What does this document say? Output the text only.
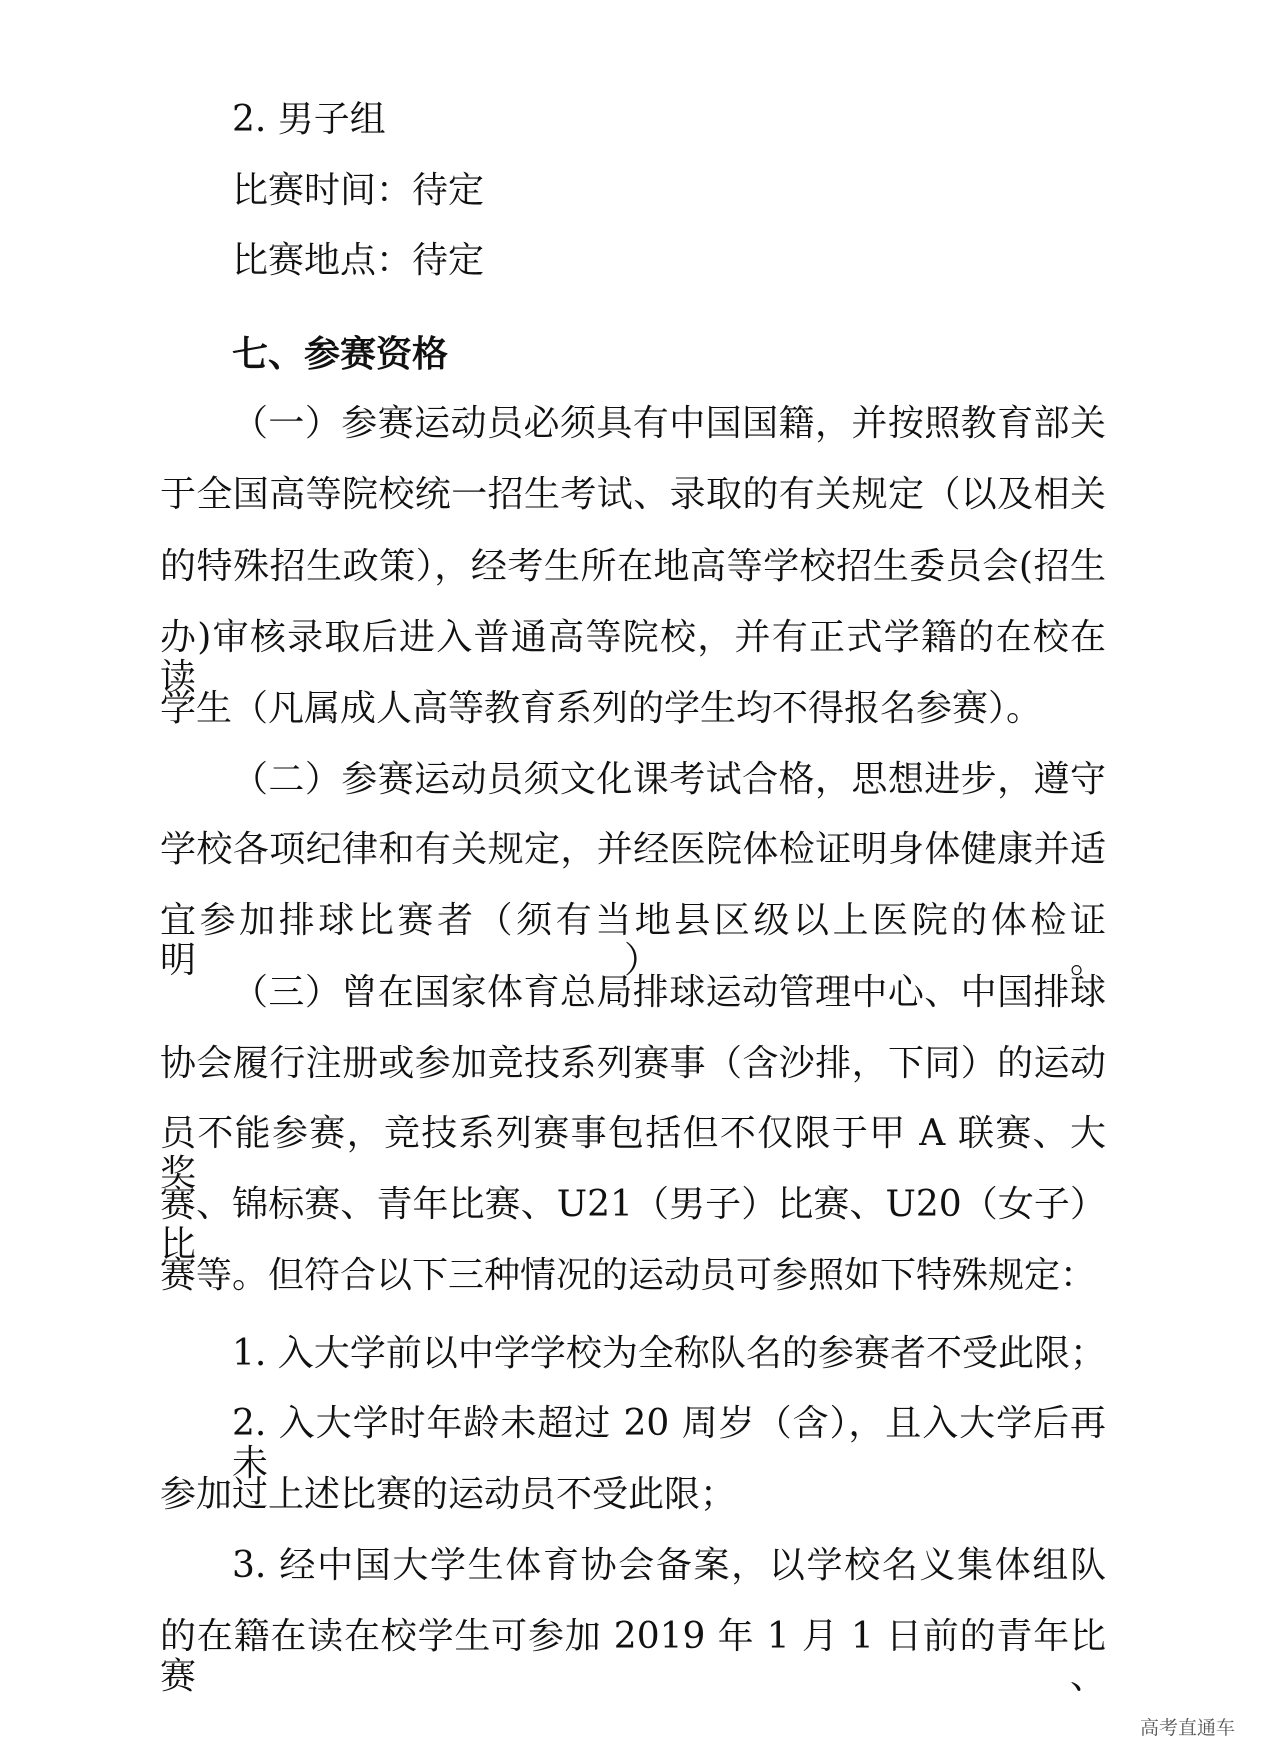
2. 男子组
比赛时间：待定
比赛地点：待定
七、参赛资格
（一）参赛运动员必须具有中国国籍，并按照教育部关
于全国高等院校统一招生考试、录取的有关规定（以及相关
的特殊招生政策），经考生所在地高等学校招生委员会(招生
办)审核录取后进入普通高等院校，并有正式学籍的在校在读
学生（凡属成人高等教育系列的学生均不得报名参赛）。
（二）参赛运动员须文化课考试合格，思想进步，遵守
学校各项纪律和有关规定，并经医院体检证明身体健康并适
宜参加排球比赛者（须有当地县区级以上医院的体检证明）。
（三）曾在国家体育总局排球运动管理中心、中国排球
协会履行注册或参加竞技系列赛事（含沙排，下同）的运动
员不能参赛，竞技系列赛事包括但不仅限于甲 A 联赛、大奖
赛、锦标赛、青年比赛、U21（男子）比赛、U20（女子）比
赛等。但符合以下三种情况的运动员可参照如下特殊规定：
1. 入大学前以中学学校为全称队名的参赛者不受此限；
2. 入大学时年龄未超过 20 周岁（含），且入大学后再未
参加过上述比赛的运动员不受此限；
3. 经中国大学生体育协会备案，以学校名义集体组队
的在籍在读在校学生可参加 2019 年 1 月 1 日前的青年比赛、
高考直通车
